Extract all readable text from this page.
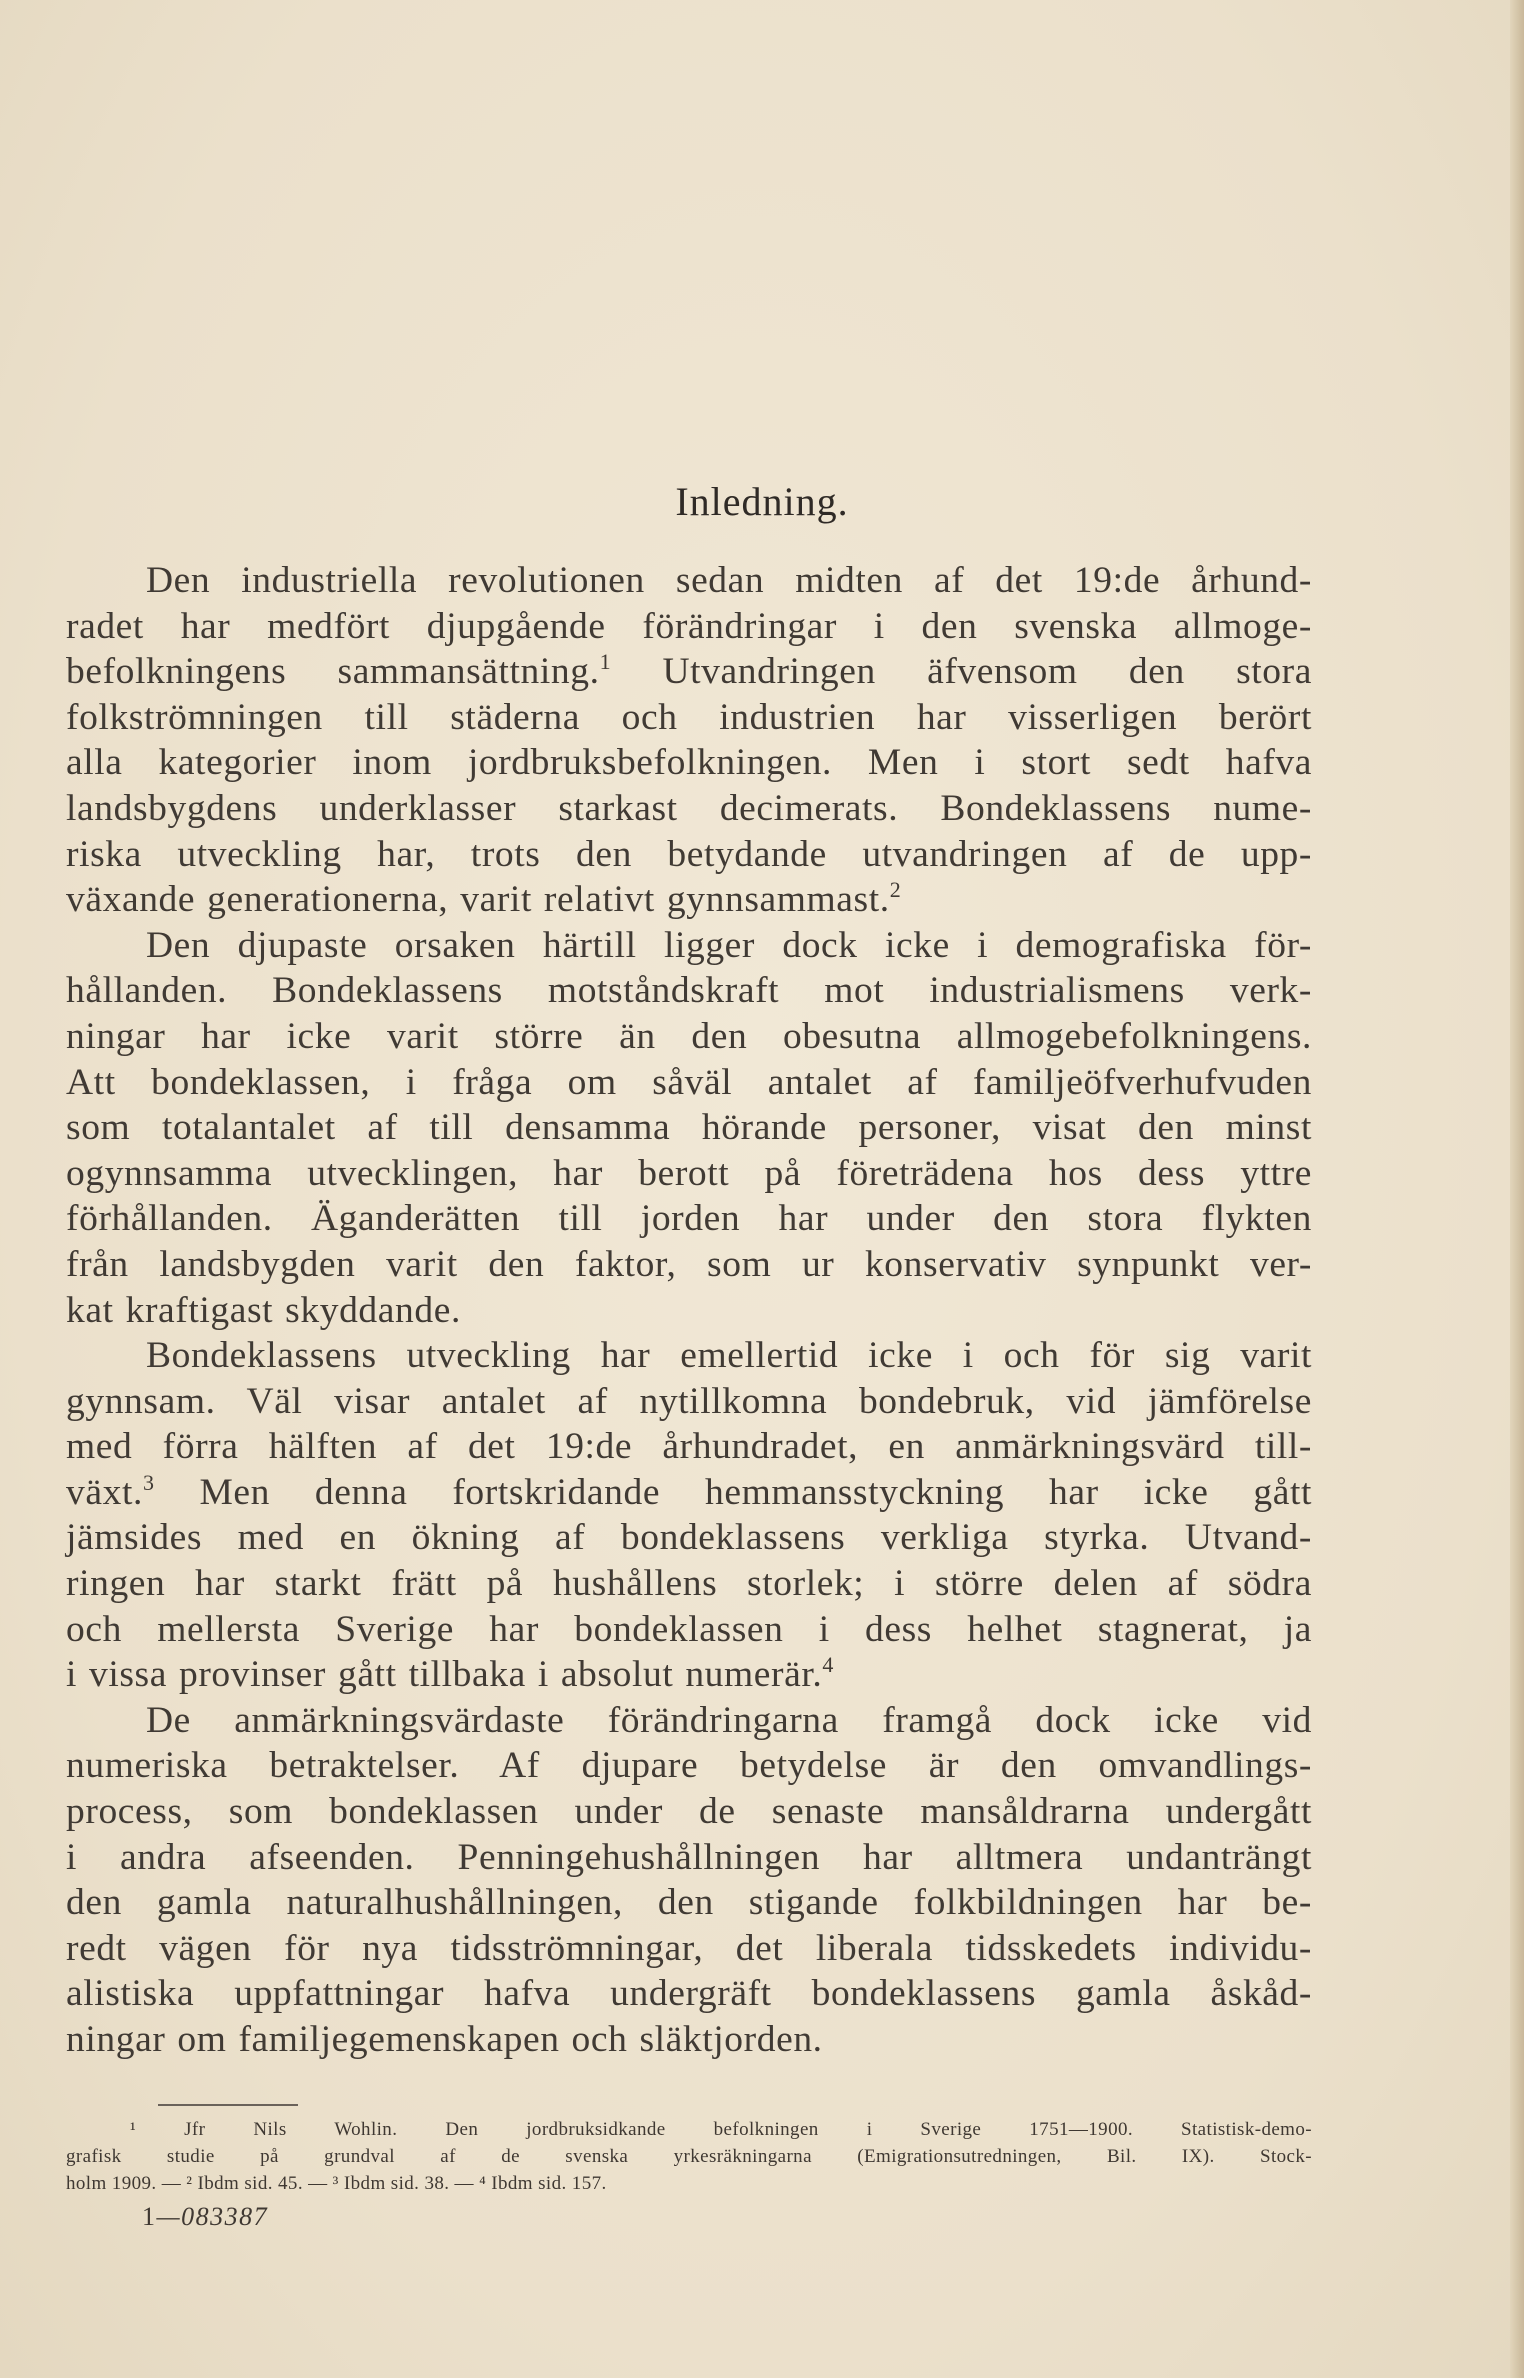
Inledning.
Den industriella revolutionen sedan midten af det 19:de århund-
radet har medfört djupgående förändringar i den svenska allmoge-
befolkningens sammansättning.$^1$ Utvandringen äfvensom den stora
folkströmningen till städerna och industrien har visserligen berört
alla kategorier inom jordbruksbefolkningen. Men i stort sedt hafva
landsbygdens underklasser starkast decimerats. Bondeklassens nume-
riska utveckling har, trots den betydande utvandringen af de upp-
växande generationerna, varit relativt gynnsammast.$^2$
Den djupaste orsaken härtill ligger dock icke i demografiska för-
hållanden. Bondeklassens motståndskraft mot industrialismens verk-
ningar har icke varit större än den obesutna allmogebefolkningens.
Att bondeklassen, i fråga om såväl antalet af familjeöfverhufvuden
som totalantalet af till densamma hörande personer, visat den minst
ogynnsamma utvecklingen, har berott på företrädena hos dess yttre
förhållanden. Äganderätten till jorden har under den stora flykten
från landsbygden varit den faktor, som ur konservativ synpunkt ver-
kat kraftigast skyddande.
Bondeklassens utveckling har emellertid icke i och för sig varit
gynnsam. Väl visar antalet af nytillkomna bondebruk, vid jämförelse
med förra hälften af det 19:de århundradet, en anmärkningsvärd till-
växt.$^3$ Men denna fortskridande hemmansstyckning har icke gått
jämsides med en ökning af bondeklassens verkliga styrka. Utvand-
ringen har starkt frätt på hushållens storlek; i större delen af södra
och mellersta Sverige har bondeklassen i dess helhet stagnerat, ja
i vissa provinser gått tillbaka i absolut numerär.$^4$
De anmärkningsvärdaste förändringarna framgå dock icke vid
numeriska betraktelser. Af djupare betydelse är den omvandlings-
process, som bondeklassen under de senaste mansåldrarna undergått
i andra afseenden. Penningehushållningen har alltmera undanträngt
den gamla naturalhushållningen, den stigande folkbildningen har be-
redt vägen för nya tidsströmningar, det liberala tidsskedets individu-
alistiska uppfattningar hafva undergräft bondeklassens gamla åskåd-
ningar om familjegemenskapen och släktjorden.
¹ Jfr Nils Wohlin. Den jordbruksidkande befolkningen i Sverige 1751—1900. Statistisk-demo-
grafisk studie på grundval af de svenska yrkesräkningarna (Emigrationsutredningen, Bil. IX). Stock-
holm 1909. — ² Ibdm sid. 45. — ³ Ibdm sid. 38. — ⁴ Ibdm sid. 157.
1—083387
